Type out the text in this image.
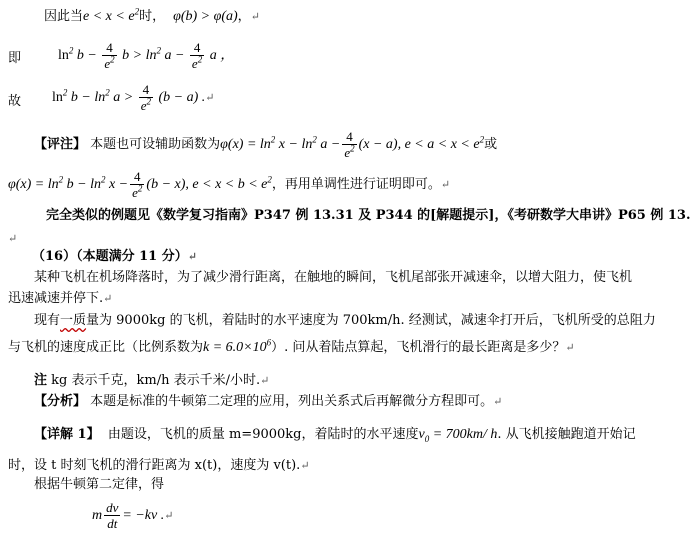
因此当$e < x < e^2$时， φ(b) > φ(a)，↵
即	$\ln^2 b - \frac{4}{e^2}$ $b > \ln^2 a - \frac{4}{e^2}$ a ，
故 $\ln^2 b - \ln^2 a > \frac{4}{e^2} (b - a)$ .↵
【评注】 本题也可设辅助函数为$\varphi(x) = \ln^2 x - \ln^2 a - \frac{4}{e^2} (x - a)$, $e < a < x < e^2$或
$\varphi(x) = \ln^2 b - \ln^2 x - \frac{4}{e^2} (b - x)$, $e < x < b < e^2$，再用单调性进行证明即可。↵
完全类似的例题见《数学复习指南》P347 例 13.31 及 P344 的[解题提示]，《考研数学大串讲》P65 例 13.
↵
（16）（本题满分 11 分）↵
某种飞机在机场降落时，为了减少滑行距离，在触地的瞬间，飞机尾部张开减速伞，以增大阻力，使飞机
迅速减速并停下.↵
现有一质量为 9000kg 的飞机，着陆时的水平速度为 700km/h. 经测试，减速伞打开后，飞机所受的总阻力
与飞机的速度成正比（比例系数为$k = 6.0\times 10^6$）. 问从着陆点算起，飞机滑行的最长距离是多少？↵
注 kg 表示千克，km/h 表示千米/小时.↵
【分析】 本题是标准的牛顿第二定理的应用，列出关系式后再解微分方程即可。↵
【详解 1】 由题设，飞机的质量 m=9000kg，着陆时的水平速度$v_0 = 700km/$ h. 从飞机接触跑道开始记
时，设 t 时刻飞机的滑行距离为 x(t)，速度为 v(t).↵
根据牛顿第二定律，得
m $\frac{dv}{dt} = -kv$ .↵
